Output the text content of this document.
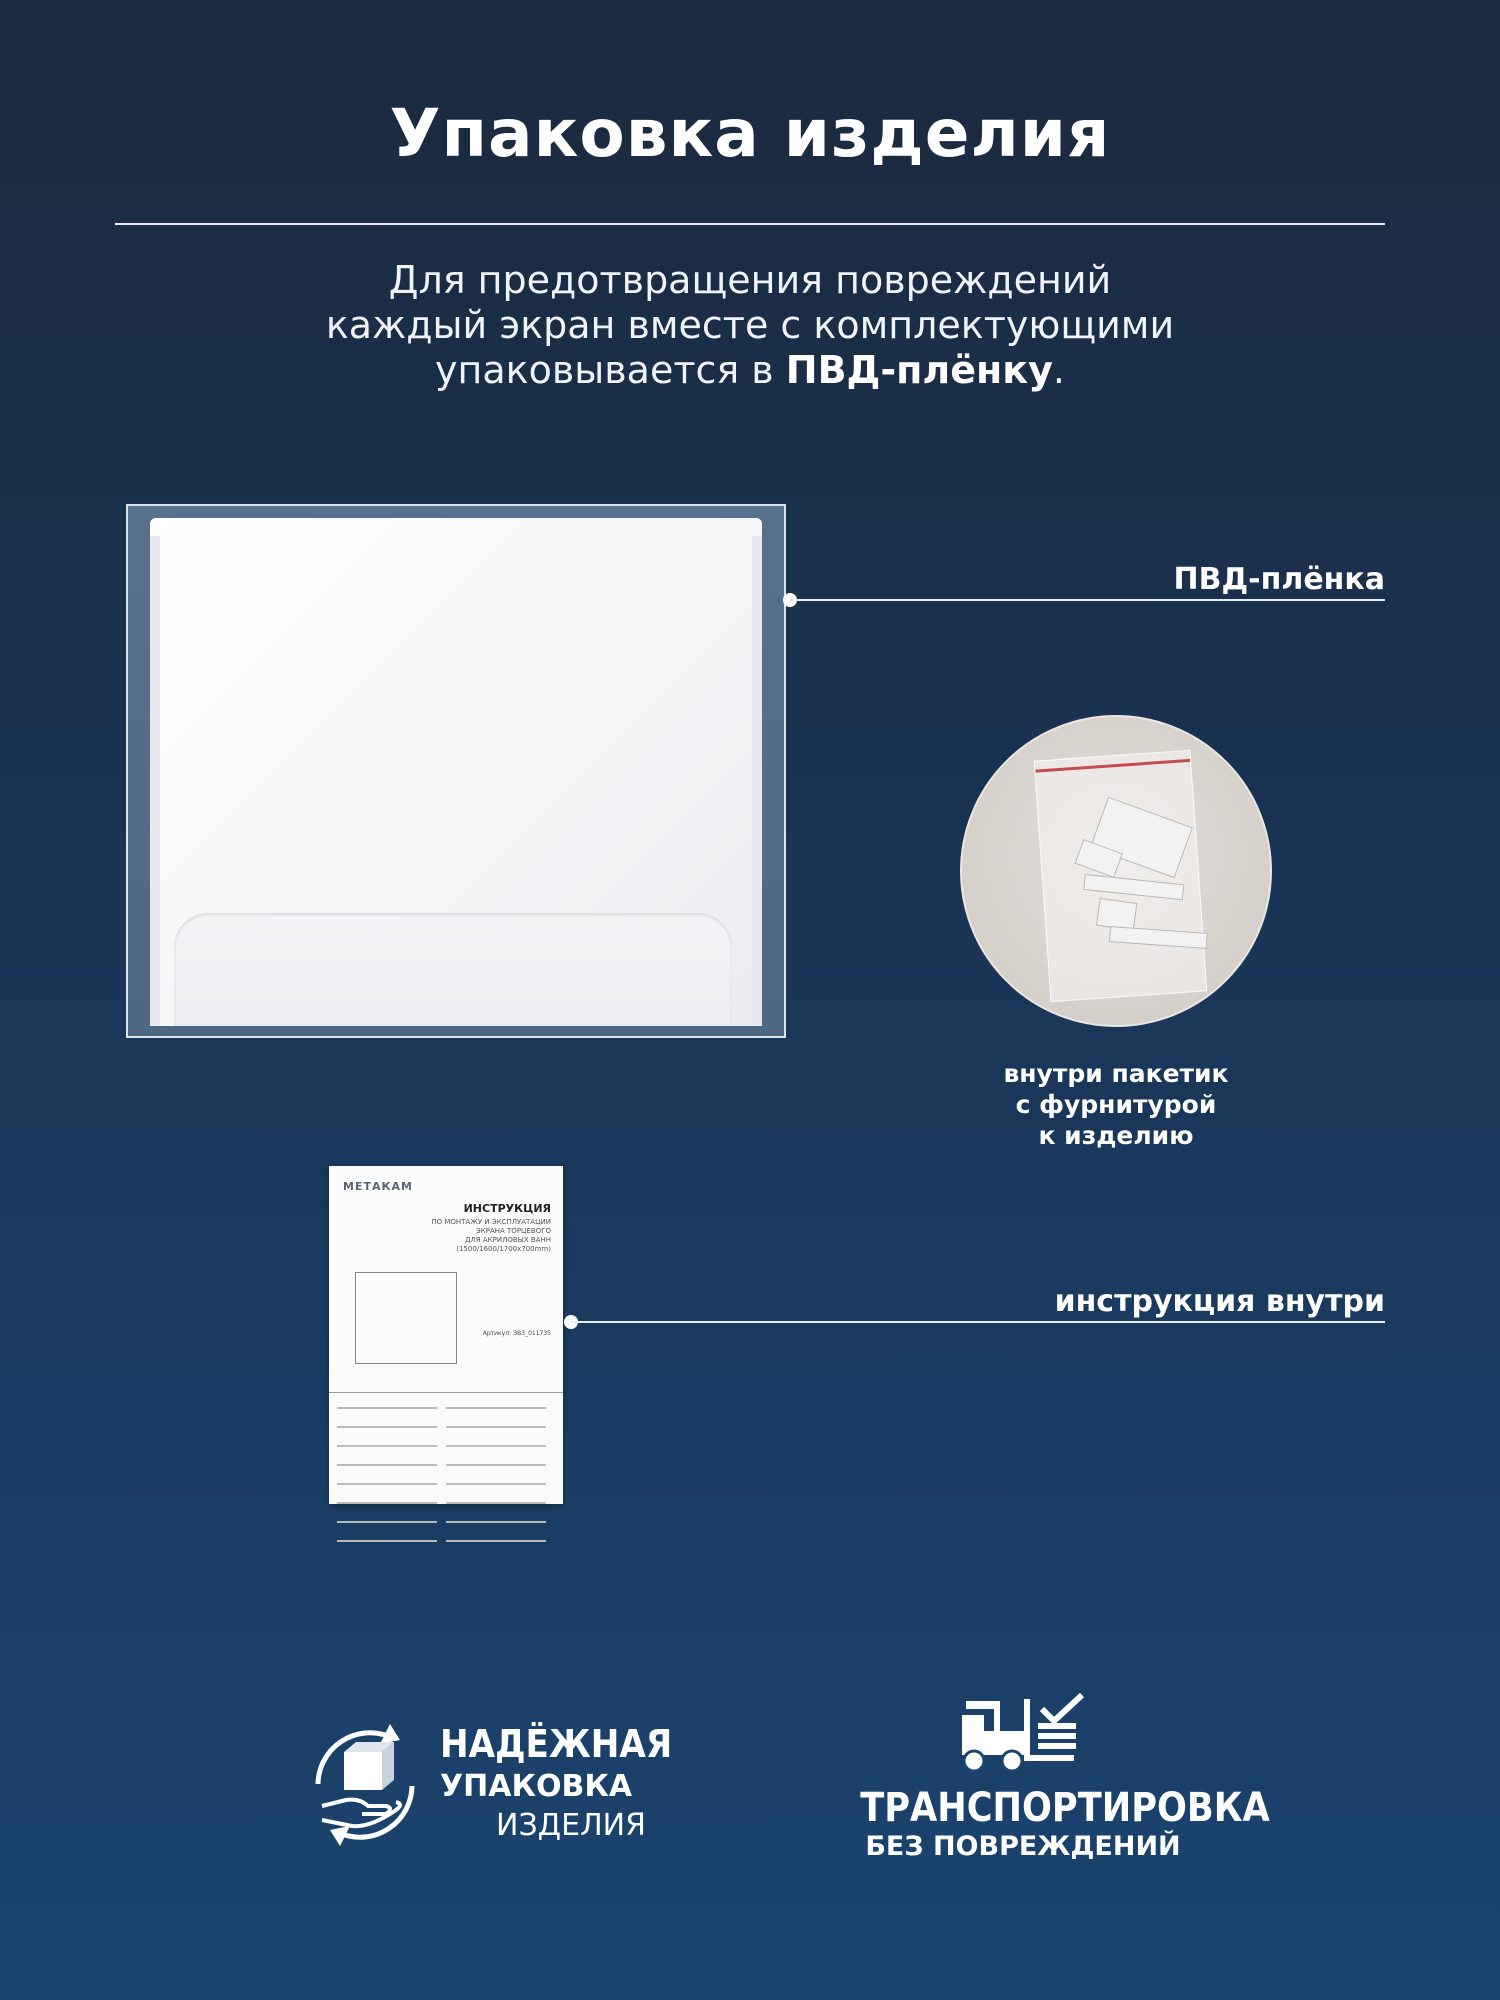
Упаковка изделия
Для предотвращения повреждений
каждый экран вместе с комплектующими
упаковывается в ПВД-плёнку.
ПВД-плёнка
внутри пакетик
с фурнитурой
к изделию
МЕТАКАМ
ИНСТРУКЦИЯ
ПО МОНТАЖУ И ЭКСПЛУАТАЦИИ
ЭКРАНА ТОРЦЕВОГО
ДЛЯ АКРИЛОВЫХ ВАНН
(1500/1600/1700х700mm)
Артикул: ЭВ3_011735

инструкция внутри
НАДЁЖНАЯ
УПАКОВКА
ИЗДЕЛИЯ	ТРАНСПОРТИРОВКА
БЕЗ ПОВРЕЖДЕНИЙ
